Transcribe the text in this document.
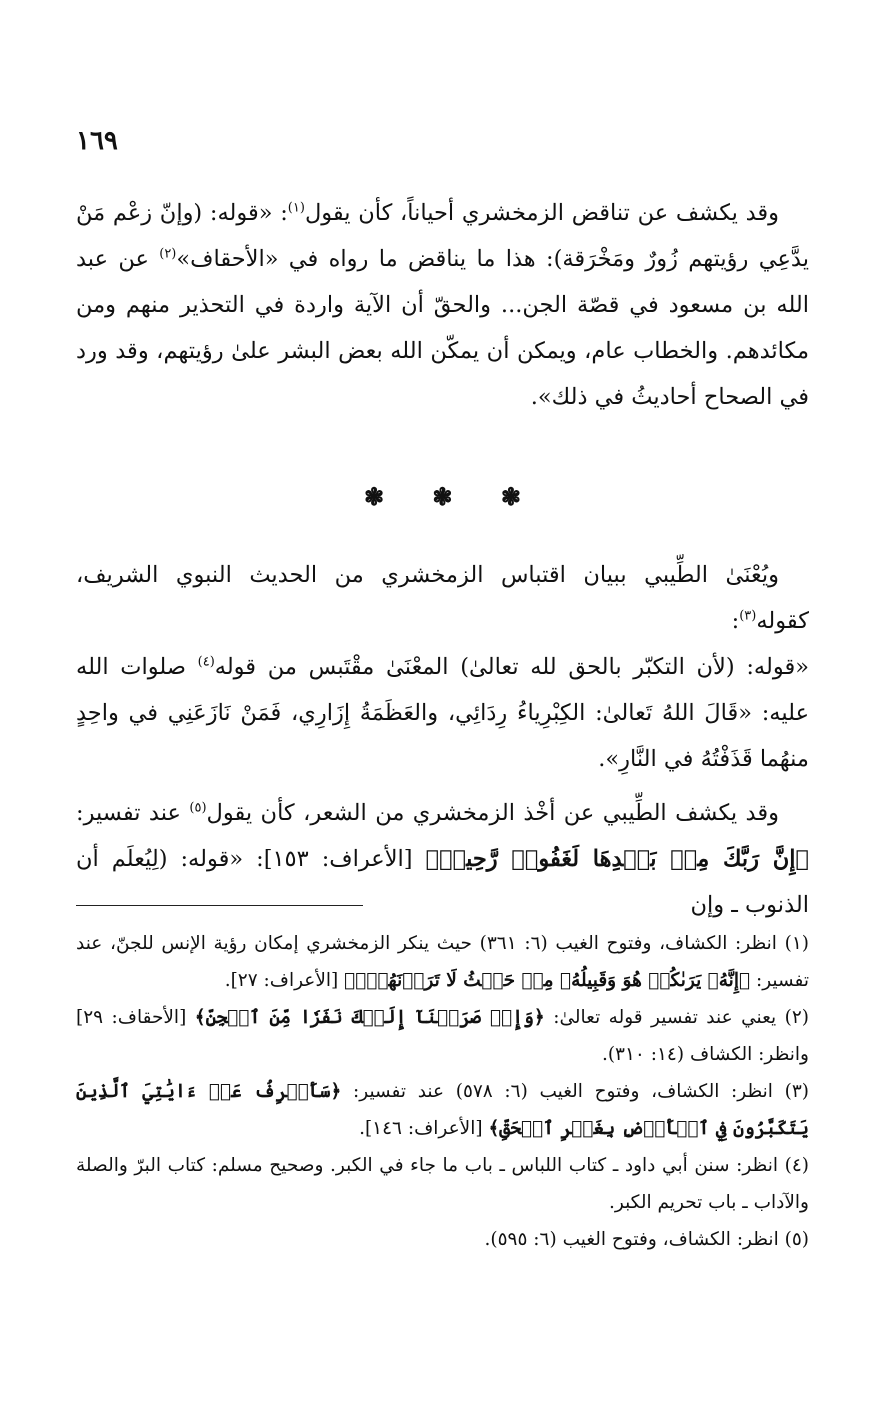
١٦٩

وقد يكشف عن تناقض الزمخشري أحياناً، كأن يقول$^{(١)}$: «قوله: (وإنّ زعْم مَنْ يدَّعِي رؤيتهم زُورٌ ومَخْرَقة): هذا ما يناقض ما رواه في «الأحقاف»$^{(٢)}$ عن عبد الله بن مسعود في قصّة الجن... والحقّ أن الآية واردة في التحذير منهم ومن مكائدهم. والخطاب عام، ويمكن أن يمكّن الله بعض البشر علىٰ رؤيتهم، وقد ورد في الصحاح أحاديثُ في ذلك».

❃ ❃ ❃

ويُعْنَىٰ الطِّيبي ببيان اقتباس الزمخشري من الحديث النبوي الشريف، كقوله$^{(٣)}$:

«قوله: (لأن التكبّر بالحق لله تعالىٰ) المعْنَىٰ مقْتَبس من قوله$^{(٤)}$ صلوات الله عليه: «قَالَ اللهُ تَعالىٰ: الكِبْرِياءُ رِدَائِي، والعَظَمَةُ إِزَارِي، فَمَنْ نَازَعَنِي في واحِدٍ منهُما قَذَفْتُهُ في النَّارِ».

وقد يكشف الطِّيبي عن أخْذ الزمخشري من الشعر، كأن يقول$^{(٥)}$ عند تفسير: ﴿إِنَّ رَبَّكَ مِنۢ بَعۡدِهَا لَغَفُورٞ رَّحِيمٞ﴾ [الأعراف: ١٥٣]: «قوله: (لِيُعلَم أن الذنوب ـ وإن

(١) انظر: الكشاف، وفتوح الغيب (٦: ٣٦١) حيث ينكر الزمخشري إمكان رؤية الإنس للجنّ، عند تفسير: ﴿إِنَّهُۥ يَرَىٰكُمۡ هُوَ وَقَبِيلُهُۥ مِنۡ حَيۡثُ لَا تَرَوۡنَهُمۡۗ﴾ [الأعراف: ٢٧].

(٢) يعني عند تفسير قوله تعالىٰ: ﴿وَإِذۡ صَرَفۡنَآ إِلَيۡكَ نَفَرٗا مِّنَ ٱلۡجِنِّ﴾ [الأحقاف: ٢٩] وانظر: الكشاف (١٤: ٣١٠).

(٣) انظر: الكشاف، وفتوح الغيب (٦: ٥٧٨) عند تفسير: ﴿سَأَصۡرِفُ عَنۡ ءَايَٰتِيَ ٱلَّذِينَ يَتَكَبَّرُونَ فِي ٱلۡأَرۡضِ بِغَيۡرِ ٱلۡحَقِّ﴾ [الأعراف: ١٤٦].

(٤) انظر: سنن أبي داود ـ كتاب اللباس ـ باب ما جاء في الكبر. وصحيح مسلم: كتاب البرّ والصلة والآداب ـ باب تحريم الكبر.

(٥) انظر: الكشاف، وفتوح الغيب (٦: ٥٩٥).
